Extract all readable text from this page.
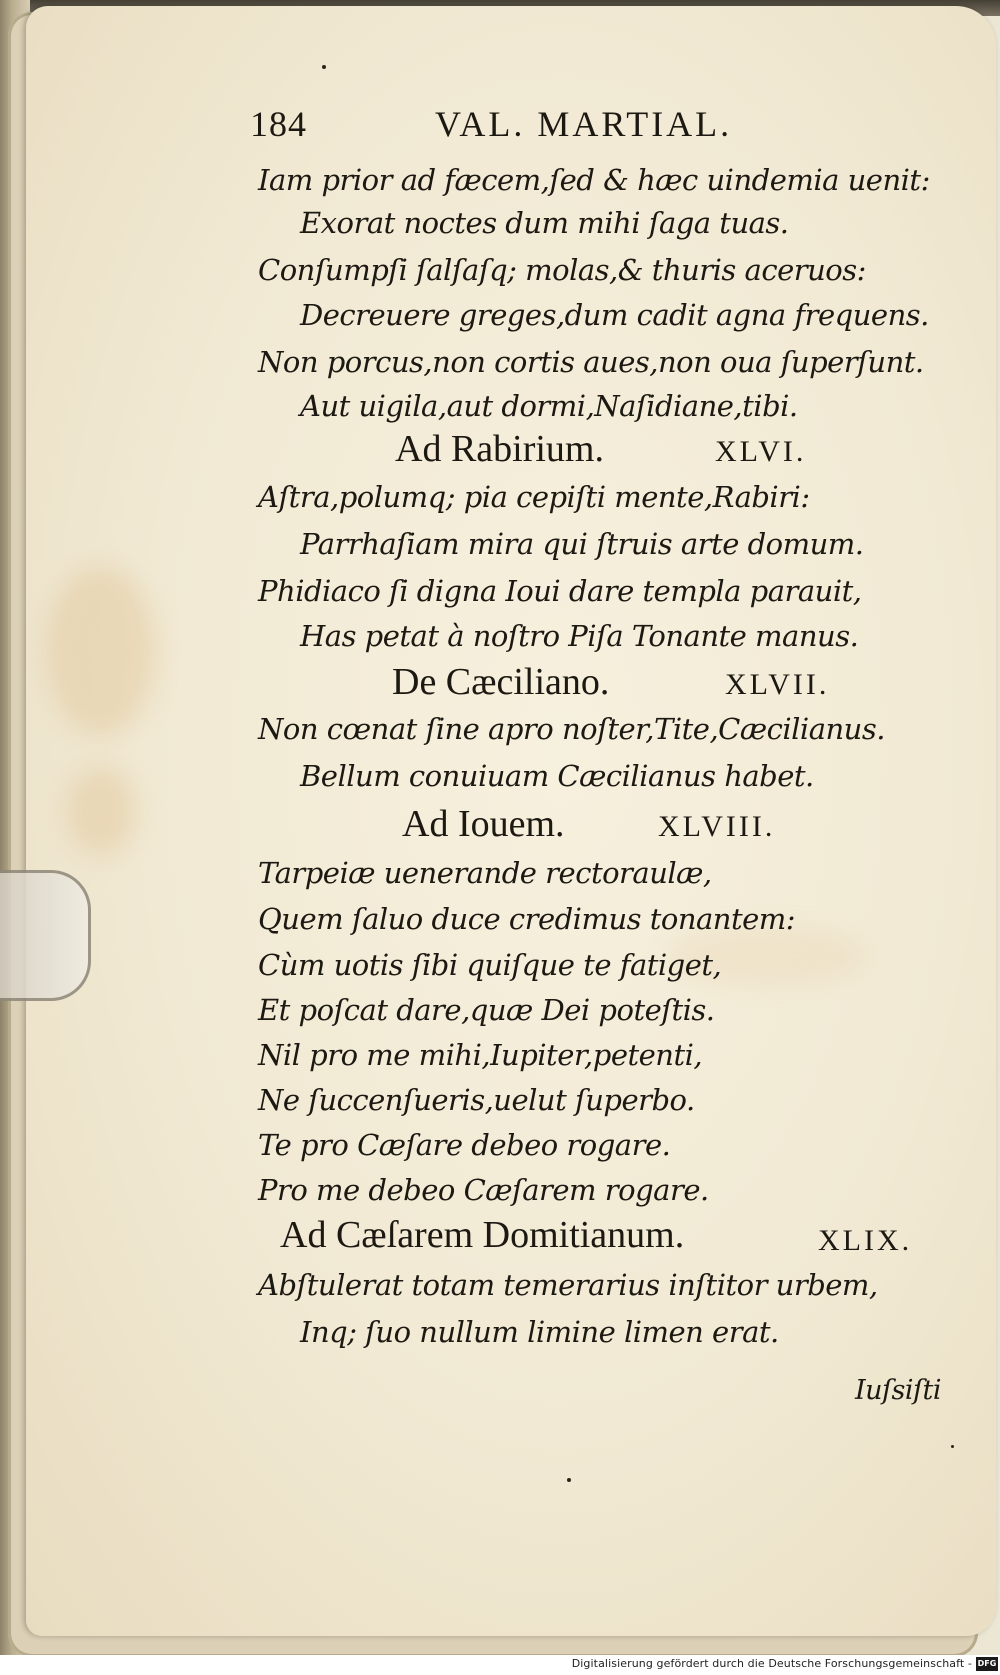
184	VAL. MARTIAL.

Iam prior ad fæcem,ſed & hæc uindemia uenit:

Exorat noctes dum mihi ſaga tuas.

Conſumpſi ſalſaſq; molas,& thuris aceruos:

Decreuere greges,dum cadit agna frequens.

Non porcus,non cortis aues,non oua ſuperſunt.

Aut uigila,aut dormi,Naſidiane,tibi.

Ad Rabirium.	XLVI.

Aſtra,polumq; pia cepiſti mente,Rabiri:

Parrhaſiam mira qui ſtruis arte domum.

Phidiaco ſi digna Ioui dare templa parauit,

Has petat à noſtro Piſa Tonante manus.

De Cæciliano.	XLVII.

Non cœnat ſine apro noſter,Tite,Cæcilianus.

Bellum conuiuam Cæcilianus habet.

Ad Iouem.	XLVIII.

Tarpeiæ uenerande rectoraulæ,

Quem ſaluo duce credimus tonantem:

Cùm uotis ſibi quiſque te fatiget,

Et poſcat dare,quæ Dei poteſtis.

Nil pro me mihi,Iupiter,petenti,

Ne ſuccenſueris,uelut ſuperbo.

Te pro Cæſare debeo rogare.

Pro me debeo Cæſarem rogare.

Ad Cæſarem Domitianum.	XLIX.

Abſtulerat totam temerarius inſtitor urbem,

Inq; ſuo nullum limine limen erat.

Iuſsiſti

Digitalisierung gefördert durch die Deutsche Forschungsgemeinschaft - DFG
